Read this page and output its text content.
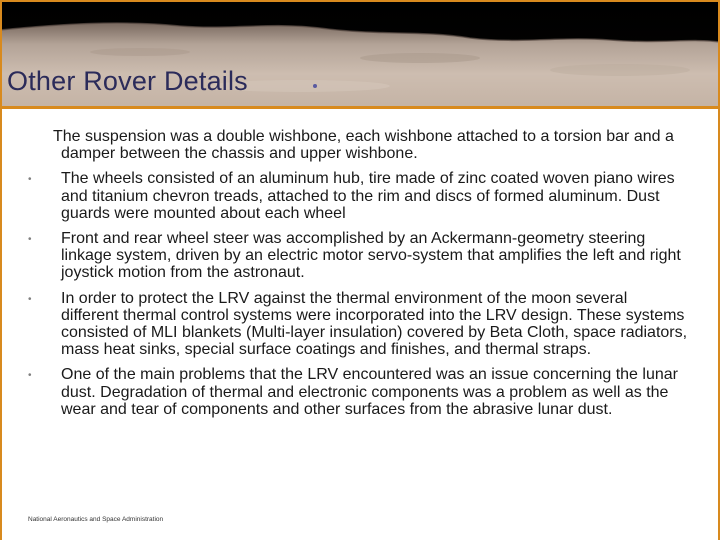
Other Rover Details

The suspension was a double wishbone, each wishbone attached to a torsion bar and a damper between the chassis and upper wishbone.

•	The wheels consisted of an aluminum hub, tire made of zinc coated woven piano wires and titanium chevron treads, attached to the rim and discs of formed aluminum. Dust guards were mounted about each wheel
•	Front and rear wheel steer was accomplished by an Ackermann-geometry steering linkage system, driven by an electric motor servo-system that amplifies the left and right joystick motion from the astronaut.
•	In order to protect the LRV against the thermal environment of the moon several different thermal control systems were incorporated into the LRV design. These systems consisted of MLI blankets (Multi-layer insulation) covered by Beta Cloth, space radiators, mass heat sinks, special surface coatings and finishes, and thermal straps.
•	One of the main problems that the LRV encountered was an issue concerning the lunar dust. Degradation of thermal and electronic components was a problem as well as the wear and tear of components and other surfaces from the abrasive lunar dust.
National Aeronautics and Space Administration
